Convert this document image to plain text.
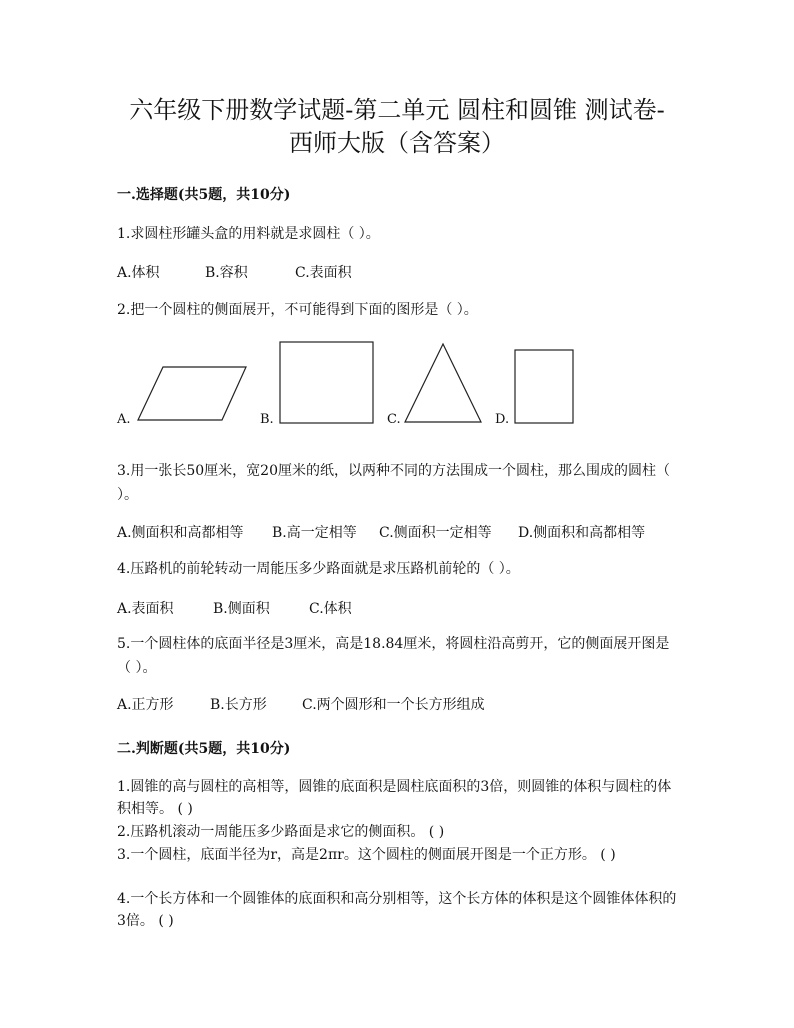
六年级下册数学试题-第二单元 圆柱和圆锥 测试卷-
西师大版（含答案）
一.选择题(共5题，共10分)
1.求圆柱形罐头盒的用料就是求圆柱（ ）。
A.体积	B.容积	C.表面积
2.把一个圆柱的侧面展开，不可能得到下面的图形是（ ）。
A.	B.	C.	D.
3.用一张长50厘米，宽20厘米的纸，以两种不同的方法围成一个圆柱，那么围成的圆柱（ ）。
A.侧面积和高都相等 B.高一定相等 C.侧面积一定相等 D.侧面积和高都相等
4.压路机的前轮转动一周能压多少路面就是求压路机前轮的（ ）。
A.表面积	B.侧面积	C.体积
5.一个圆柱体的底面半径是3厘米，高是18.84厘米，将圆柱沿高剪开，它的侧面展开图是（ ）。
A.正方形	B.长方形	C.两个圆形和一个长方形组成
二.判断题(共5题，共10分)
1.圆锥的高与圆柱的高相等，圆锥的底面积是圆柱底面积的3倍，则圆锥的体积与圆柱的体积相等。 ( )
2.压路机滚动一周能压多少路面是求它的侧面积。 ( )
3.一个圆柱，底面半径为r，高是2πr。这个圆柱的侧面展开图是一个正方形。 ( )
4.一个长方体和一个圆锥体的底面积和高分别相等，这个长方体的体积是这个圆锥体体积的3倍。 ( )
